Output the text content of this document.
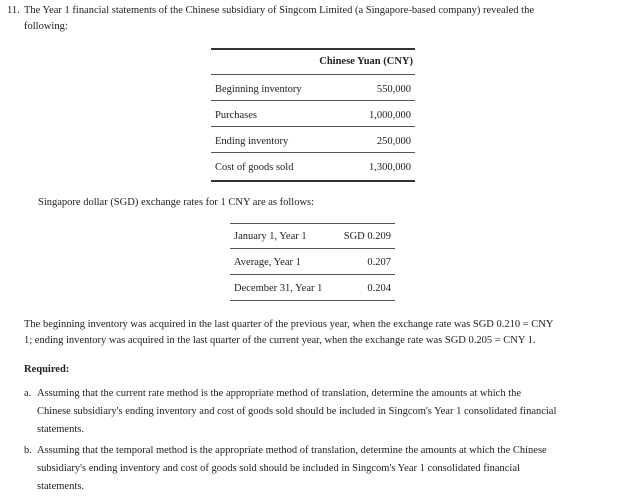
11. The Year 1 financial statements of the Chinese subsidiary of Singcom Limited (a Singapore-based company) revealed the
following:
Chinese Yuan (CNY)
Beginning inventory	550,000
Purchases	1,000,000
Ending inventory	250,000
Cost of goods sold	1,300,000
Singapore dollar (SGD) exchange rates for 1 CNY are as follows:
January 1, Year 1	SGD 0.209
Average, Year 1	0.207
December 31, Year 1	0.204
The beginning inventory was acquired in the last quarter of the previous year, when the exchange rate was SGD 0.210 = CNY
1; ending inventory was acquired in the last quarter of the current year, when the exchange rate was SGD 0.205 = CNY 1.
Required:
a. Assuming that the current rate method is the appropriate method of translation, determine the amounts at which the
Chinese subsidiary's ending inventory and cost of goods sold should be included in Singcom's Year 1 consolidated financial
statements.
b. Assuming that the temporal method is the appropriate method of translation, determine the amounts at which the Chinese
subsidiary's ending inventory and cost of goods sold should be included in Singcom's Year 1 consolidated financial
statements.
